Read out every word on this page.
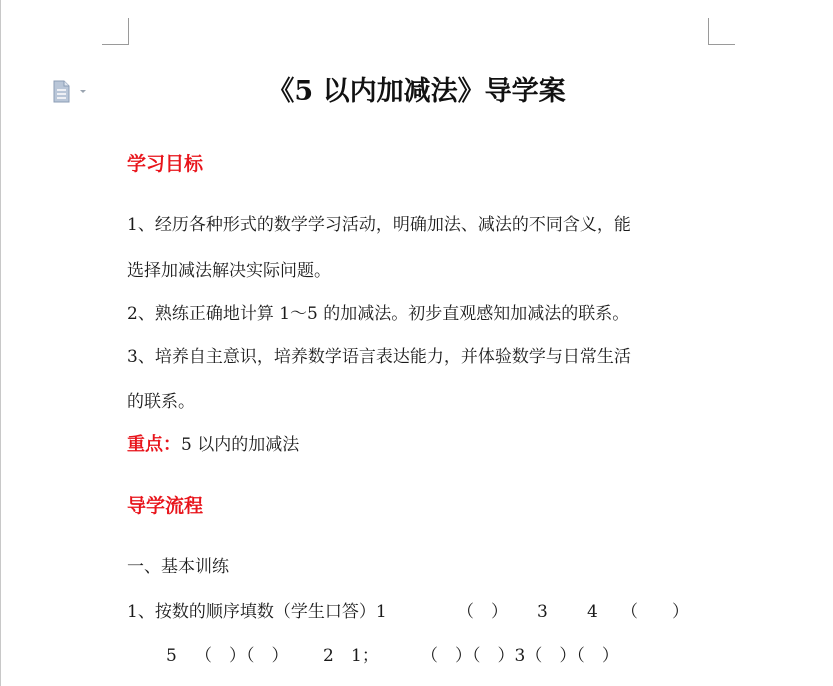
《5 以内加减法》导学案
学习目标

1、经历各种形式的数学学习活动，明确加法、减法的不同含义，能

选择加减法解决实际问题。

2、熟练正确地计算 1～5 的加减法。初步直观感知加减法的联系。

3、培养自主意识，培养数学语言表达能力，并体验数学与日常生活

的联系。

重点：5 以内的加减法

导学流程

一、基本训练

1、按数的顺序填数（学生口答）1	（　） 3 4 （　　）
5 （　）（　） 2 1； （　）（　）3（　）（　）
